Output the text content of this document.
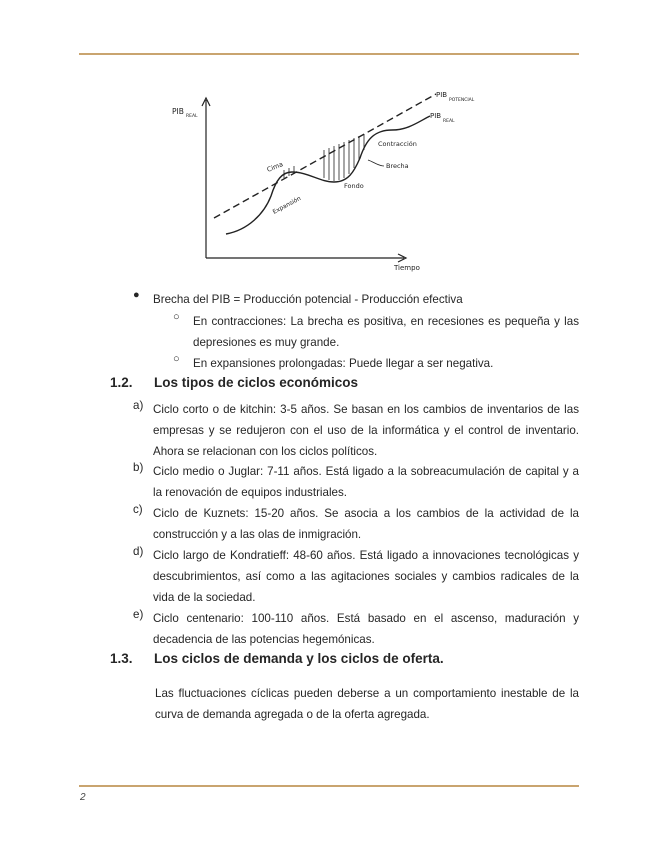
PIB
REAL
Tiempo
PIB
POTENCIAL
PIB
REAL
Cima
Expansión
Fondo
Contracción
Brecha
● Brecha del PIB = Producción potencial - Producción efectiva
○ En contracciones: La brecha es positiva, en recesiones es pequeña y las depresiones es muy grande.
○ En expansiones prolongadas: Puede llegar a ser negativa.
1.2. Los tipos de ciclos económicos
a) Ciclo corto o de kitchin: 3-5 años. Se basan en los cambios de inventarios de las empresas y se redujeron con el uso de la informática y el control de inventario. Ahora se relacionan con los ciclos políticos.
b) Ciclo medio o Juglar: 7-11 años. Está ligado a la sobreacumulación de capital y a la renovación de equipos industriales.
c) Ciclo de Kuznets: 15-20 años. Se asocia a los cambios de la actividad de la construcción y a las olas de inmigración.
d) Ciclo largo de Kondratieff: 48-60 años. Está ligado a innovaciones tecnológicas y descubrimientos, así como a las agitaciones sociales y cambios radicales de la vida de la sociedad.
e) Ciclo centenario: 100-110 años. Está basado en el ascenso, maduración y decadencia de las potencias hegemónicas.
1.3. Los ciclos de demanda y los ciclos de oferta.
Las fluctuaciones cíclicas pueden deberse a un comportamiento inestable de la curva de demanda agregada o de la oferta agregada.
2
